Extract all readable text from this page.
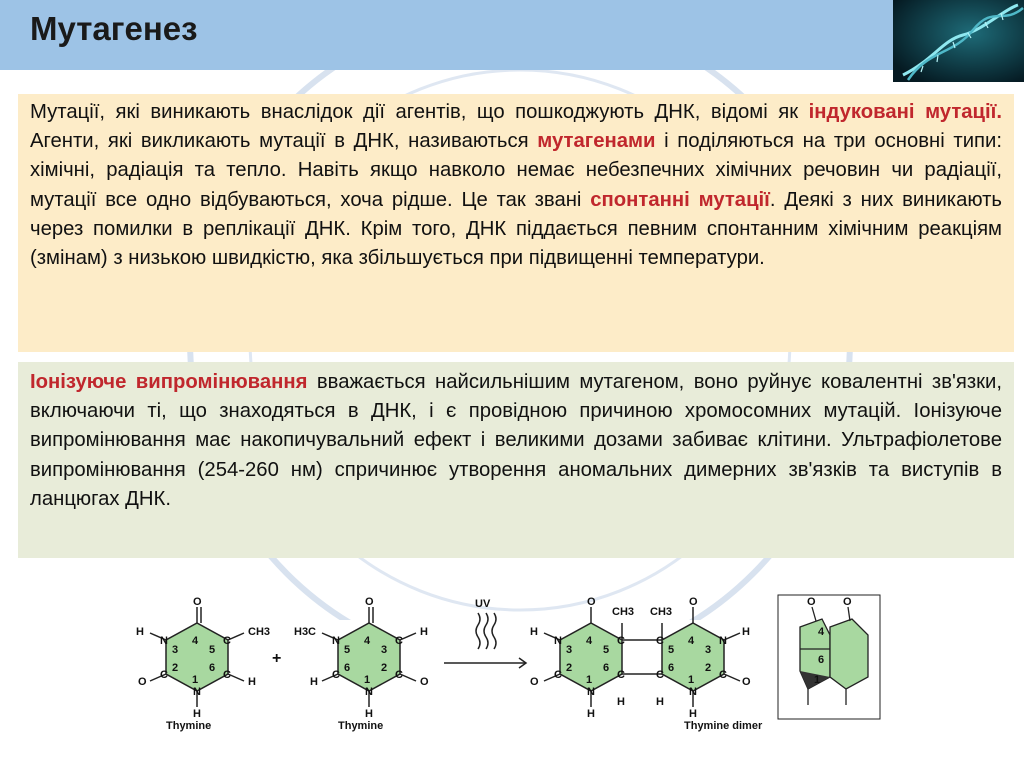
Мутагенез
Мутації, які виникають внаслідок дії агентів, що пошкоджують ДНК, відомі як індуковані мутації. Агенти, які викликають мутації в ДНК, називаються мутагенами і поділяються на три основні типи: хімічні, радіація та тепло. Навіть якщо навколо немає небезпечних хімічних речовин чи радіації, мутації все одно відбуваються, хоча рідше. Це так звані спонтанні мутації. Деякі з них виникають через помилки в реплікації ДНК. Крім того, ДНК піддається певним спонтанним хімічним реакціям (змінам) з низькою швидкістю, яка збільшується при підвищенні температури.
Іонізуюче випромінювання вважається найсильнішим мутагеном, воно руйнує ковалентні зв'язки, включаючи ті, що знаходяться в ДНК, і є провідною причиною хромосомних мутацій. Іонізуюче випромінювання має накопичувальний ефект і великими дозами забиває клітини. Ультрафіолетове випромінювання (254-260 нм) спричинює утворення аномальних димерних зв'язків та виступів в ланцюгах ДНК.
O
H
N 4 C
CH3
3	5
2	6
C
O
C
H
1
N
H
Thymine
+
O
H3C
N 4 C
H
5	3
6	2
C
H
C
O
1
N
H
Thymine
UV	O
H
N 4 C
CH3
3	5
2	6
C
O
C
H
1
N
H
O
C
CH3
4 N
H
5	3
6	2
C
H
C
O
1
N
H
Thymine dimer
O O
4
6
1
